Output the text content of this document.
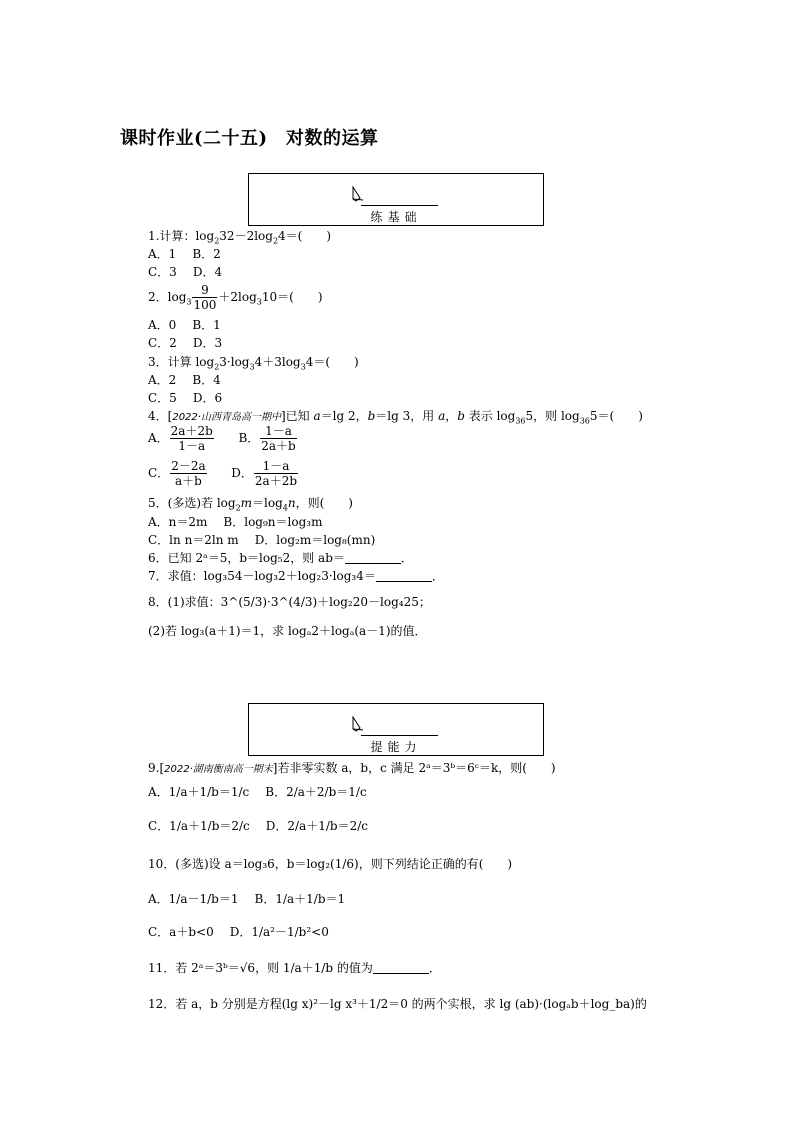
课时作业(二十五)　对数的运算
练基础
1.计算：$\log_232-2\log_24=$(　　)
A．1 B．2
C．3 D．4
2．$\log_3 \frac{9}{100} +2\log_310=$(　　)
A．0 B．1
C．2 D．3
3．计算 $\log_23\cdot\log_34+3\log_34=$(　　)
A．2 B．4
C．5 D．6
4．[2022·山西青岛高一期中]已知 a＝lg 2，b＝lg 3，用 a，b 表示 $\log_{36}5$，则 $\log_{36}5=$(　　)
A． $\frac{2a+2b}{1-a}$ B． $\frac{1-a}{2a+b}$
C． $\frac{2-2a}{a+b}$ D． $\frac{1-a}{2a+2b}$
5．(多选)若 $\log_2m=\log_4n$，则(　　)
A．n＝2m B．log₉n＝log₃m
C．ln n＝2ln m D．log₂m＝log₈(mn)
6．已知 2ᵃ＝5，b＝log₅2，则 ab＝	．
7．求值：log₃54－log₃2＋log₂3·log₃4＝	．
8．(1)求值：3^(5/3)·3^(4/3)＋log₂20－log₄25；
(2)若 log₃(a＋1)＝1，求 logₐ2＋logₐ(a－1)的值．
提能力
9.[2022·湖南衡南高一期末]若非零实数 a，b，c 满足 2ᵃ＝3ᵇ＝6ᶜ＝k，则(　　)
A．1/a＋1/b＝1/c B．2/a＋2/b＝1/c
C．1/a＋1/b＝2/c D．2/a＋1/b＝2/c
10．(多选)设 a＝log₃6，b＝log₂(1/6)，则下列结论正确的有(　　)
A．1/a－1/b＝1 B．1/a＋1/b＝1
C．a＋b<0 D．1/a²－1/b²<0
11．若 2ᵃ＝3ᵇ＝√6，则 1/a＋1/b 的值为	．
12．若 a，b 分别是方程(lg x)²－lg x³＋1/2＝0 的两个实根，求 lg (ab)·(logₐb＋log_ba)的
